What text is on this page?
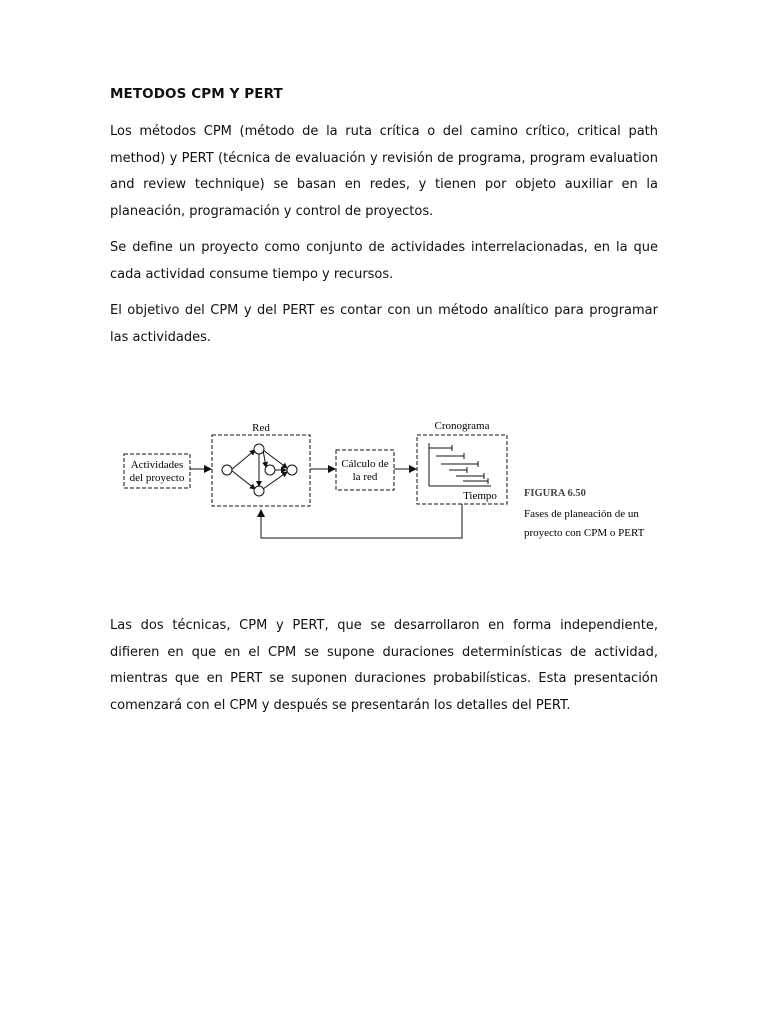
METODOS CPM Y PERT

Los métodos CPM (método de la ruta crítica o del camino crítico, critical path method) y PERT (técnica de evaluación y revisión de programa, program evaluation and review technique) se basan en redes, y tienen por objeto auxiliar en la planeación, programación y control de proyectos.

Se define un proyecto como conjunto de actividades interrelacionadas, en la que cada actividad consume tiempo y recursos.

El objetivo del CPM y del PERT es contar con un método analítico para programar las actividades.

Actividades
del proyecto
Red
Cálculo de
la red
Cronograma
Tiempo	FIGURA 6.50
Fases de planeación de un
proyecto con CPM o PERT

Las dos técnicas, CPM y PERT, que se desarrollaron en forma independiente, difieren en que en el CPM se supone duraciones determinísticas de actividad, mientras que en PERT se suponen duraciones probabilísticas. Esta presentación comenzará con el CPM y después se presentarán los detalles del PERT.
